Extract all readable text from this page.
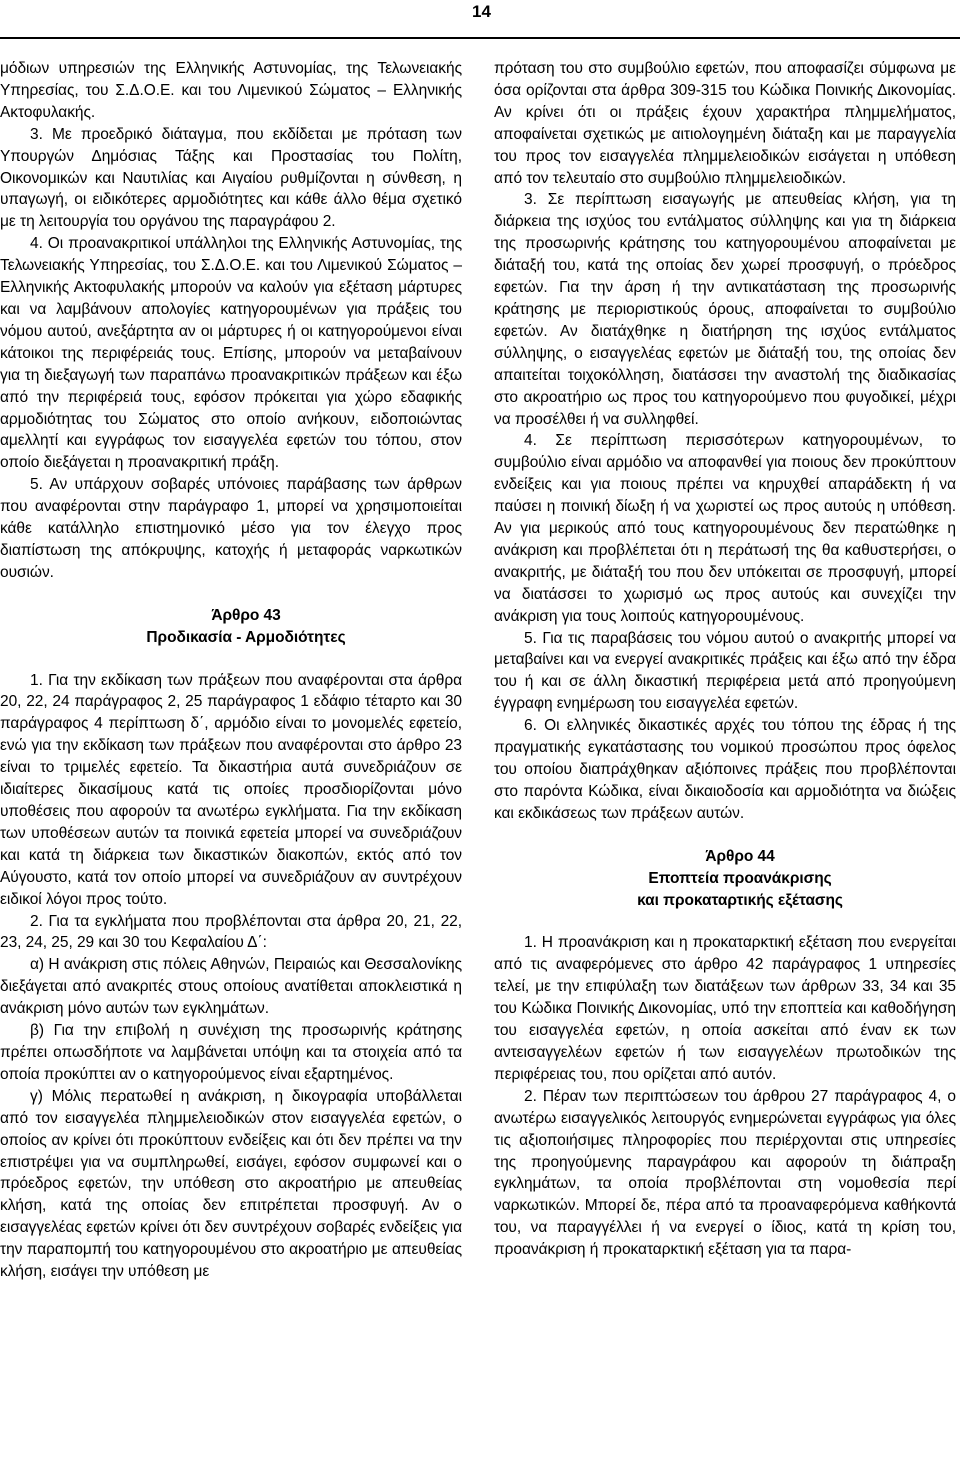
14

μόδιων υπηρεσιών της Ελληνικής Αστυνομίας, της Τελωνειακής Υπηρεσίας, του Σ.Δ.Ο.Ε. και του Λιμενικού Σώματος – Ελληνικής Ακτοφυλακής.

3. Με προεδρικό διάταγμα, που εκδίδεται με πρόταση των Υπουργών Δημόσιας Τάξης και Προστασίας του Πολίτη, Οικονομικών και Ναυτιλίας και Αιγαίου ρυθμίζονται η σύνθεση, η υπαγωγή, οι ειδικότερες αρμοδιότητες και κάθε άλλο θέμα σχετικό με τη λειτουργία του οργάνου της παραγράφου 2.

4. Οι προανακριτικοί υπάλληλοι της Ελληνικής Αστυνομίας, της Τελωνειακής Υπηρεσίας, του Σ.Δ.Ο.Ε. και του Λιμενικού Σώματος – Ελληνικής Ακτοφυλακής μπορούν να καλούν για εξέταση μάρτυρες και να λαμβάνουν απολογίες κατηγορουμένων για πράξεις του νόμου αυτού, ανεξάρτητα αν οι μάρτυρες ή οι κατηγορούμενοι είναι κάτοικοι της περιφέρειάς τους. Επίσης, μπορούν να μεταβαίνουν για τη διεξαγωγή των παραπάνω προανακριτικών πράξεων και έξω από την περιφέρειά τους, εφόσον πρόκειται για χώρο εδαφικής αρμοδιότητας του Σώματος στο οποίο ανήκουν, ειδοποιώντας αμελλητί και εγγράφως τον εισαγγελέα εφετών του τόπου, στον οποίο διεξάγεται η προανακριτική πράξη.

5. Αν υπάρχουν σοβαρές υπόνοιες παράβασης των άρθρων που αναφέρονται στην παράγραφο 1, μπορεί να χρησιμοποιείται κάθε κατάλληλο επιστημονικό μέσο για τον έλεγχο προς διαπίστωση της απόκρυψης, κατοχής ή μεταφοράς ναρκωτικών ουσιών.

Άρθρο 43

Προδικασία - Αρμοδιότητες

1. Για την εκδίκαση των πράξεων που αναφέρονται στα άρθρα 20, 22, 24 παράγραφος 2, 25 παράγραφος 1 εδάφιο τέταρτο και 30 παράγραφος 4 περίπτωση δ΄, αρμόδιο είναι το μονομελές εφετείο, ενώ για την εκδίκαση των πράξεων που αναφέρονται στο άρθρο 23 είναι το τριμελές εφετείο. Τα δικαστήρια αυτά συνεδριάζουν σε ιδιαίτερες δικασίμους κατά τις οποίες προσδιορίζονται μόνο υποθέσεις που αφορούν τα ανωτέρω εγκλήματα. Για την εκδίκαση των υποθέσεων αυτών τα ποινικά εφετεία μπορεί να συνεδριάζουν και κατά τη διάρκεια των δικαστικών διακοπών, εκτός από τον Αύγουστο, κατά τον οποίο μπορεί να συνεδριάζουν αν συντρέχουν ειδικοί λόγοι προς τούτο.

2. Για τα εγκλήματα που προβλέπονται στα άρθρα 20, 21, 22, 23, 24, 25, 29 και 30 του Κεφαλαίου Δ΄:

α) Η ανάκριση στις πόλεις Αθηνών, Πειραιώς και Θεσσαλονίκης διεξάγεται από ανακριτές στους οποίους ανατίθεται αποκλειστικά η ανάκριση μόνο αυτών των εγκλημάτων.

β) Για την επιβολή η συνέχιση της προσωρινής κράτησης πρέπει οπωσδήποτε να λαμβάνεται υπόψη και τα στοιχεία από τα οποία προκύπτει αν ο κατηγορούμενος είναι εξαρτημένος.

γ) Μόλις περατωθεί η ανάκριση, η δικογραφία υποβάλλεται από τον εισαγγελέα πλημμελειοδικών στον εισαγγελέα εφετών, ο οποίος αν κρίνει ότι προκύπτουν ενδείξεις και ότι δεν πρέπει να την επιστρέψει για να συμπληρωθεί, εισάγει, εφόσον συμφωνεί και ο πρόεδρος εφετών, την υπόθεση στο ακροατήριο με απευθείας κλήση, κατά της οποίας δεν επιτρέπεται προσφυγή. Αν ο εισαγγελέας εφετών κρίνει ότι δεν συντρέχουν σοβαρές ενδείξεις για την παραπομπή του κατηγορουμένου στο ακροατήριο με απευθείας κλήση, εισάγει την υπόθεση με

πρόταση του στο συμβούλιο εφετών, που αποφασίζει σύμφωνα με όσα ορίζονται στα άρθρα 309-315 του Κώδικα Ποινικής Δικονομίας. Αν κρίνει ότι οι πράξεις έχουν χαρακτήρα πλημμελήματος, αποφαίνεται σχετικώς με αιτιολογημένη διάταξη και με παραγγελία του προς τον εισαγγελέα πλημμελειοδικών εισάγεται η υπόθεση από τον τελευταίο στο συμβούλιο πλημμελειοδικών.

3. Σε περίπτωση εισαγωγής με απευθείας κλήση, για τη διάρκεια της ισχύος του εντάλματος σύλληψης και για τη διάρκεια της προσωρινής κράτησης του κατηγορουμένου αποφαίνεται με διάταξή του, κατά της οποίας δεν χωρεί προσφυγή, ο πρόεδρος εφετών. Για την άρση ή την αντικατάσταση της προσωρινής κράτησης με περιοριστικούς όρους, αποφαίνεται το συμβούλιο εφετών. Αν διατάχθηκε η διατήρηση της ισχύος εντάλματος σύλληψης, ο εισαγγελέας εφετών με διάταξή του, της οποίας δεν απαιτείται τοιχοκόλληση, διατάσσει την αναστολή της διαδικασίας στο ακροατήριο ως προς του κατηγορούμενο που φυγοδικεί, μέχρι να προσέλθει ή να συλληφθεί.

4. Σε περίπτωση περισσότερων κατηγορουμένων, το συμβούλιο είναι αρμόδιο να αποφανθεί για ποιους δεν προκύπτουν ενδείξεις και για ποιους πρέπει να κηρυχθεί απαράδεκτη ή να παύσει η ποινική δίωξη ή να χωριστεί ως προς αυτούς η υπόθεση. Αν για μερικούς από τους κατηγορουμένους δεν περατώθηκε η ανάκριση και προβλέπεται ότι η περάτωσή της θα καθυστερήσει, ο ανακριτής, με διάταξή του που δεν υπόκειται σε προσφυγή, μπορεί να διατάσσει το χωρισμό ως προς αυτούς και συνεχίζει την ανάκριση για τους λοιπούς κατηγορουμένους.

5. Για τις παραβάσεις του νόμου αυτού ο ανακριτής μπορεί να μεταβαίνει και να ενεργεί ανακριτικές πράξεις και έξω από την έδρα του ή και σε άλλη δικαστική περιφέρεια μετά από προηγούμενη έγγραφη ενημέρωση του εισαγγελέα εφετών.

6. Οι ελληνικές δικαστικές αρχές του τόπου της έδρας ή της πραγματικής εγκατάστασης του νομικού προσώπου προς όφελος του οποίου διαπράχθηκαν αξιόποινες πράξεις που προβλέπονται στο παρόντα Κώδικα, είναι δικαιοδοσία και αρμοδιότητα να διώξεις και εκδικάσεως των πράξεων αυτών.

Άρθρο 44

Εποπτεία προανάκρισης

και προκαταρτικής εξέτασης

1. Η προανάκριση και η προκαταρκτική εξέταση που ενεργείται από τις αναφερόμενες στο άρθρο 42 παράγραφος 1 υπηρεσίες τελεί, με την επιφύλαξη των διατάξεων των άρθρων 33, 34 και 35 του Κώδικα Ποινικής Δικονομίας, υπό την εποπτεία και καθοδήγηση του εισαγγελέα εφετών, η οποία ασκείται από έναν εκ των αντεισαγγελέων εφετών ή των εισαγγελέων πρωτοδικών της περιφέρειας του, που ορίζεται από αυτόν.

2. Πέραν των περιπτώσεων του άρθρου 27 παράγραφος 4, ο ανωτέρω εισαγγελικός λειτουργός ενημερώνεται εγγράφως για όλες τις αξιοποιήσιμες πληροφορίες που περιέρχονται στις υπηρεσίες της προηγούμενης παραγράφου και αφορούν τη διάπραξη εγκλημάτων, τα οποία προβλέπονται στη νομοθεσία περί ναρκωτικών. Μπορεί δε, πέρα από τα προαναφερόμενα καθήκοντά του, να παραγγέλλει ή να ενεργεί ο ίδιος, κατά τη κρίση του, προανάκριση ή προκαταρκτική εξέταση για τα παρα-
